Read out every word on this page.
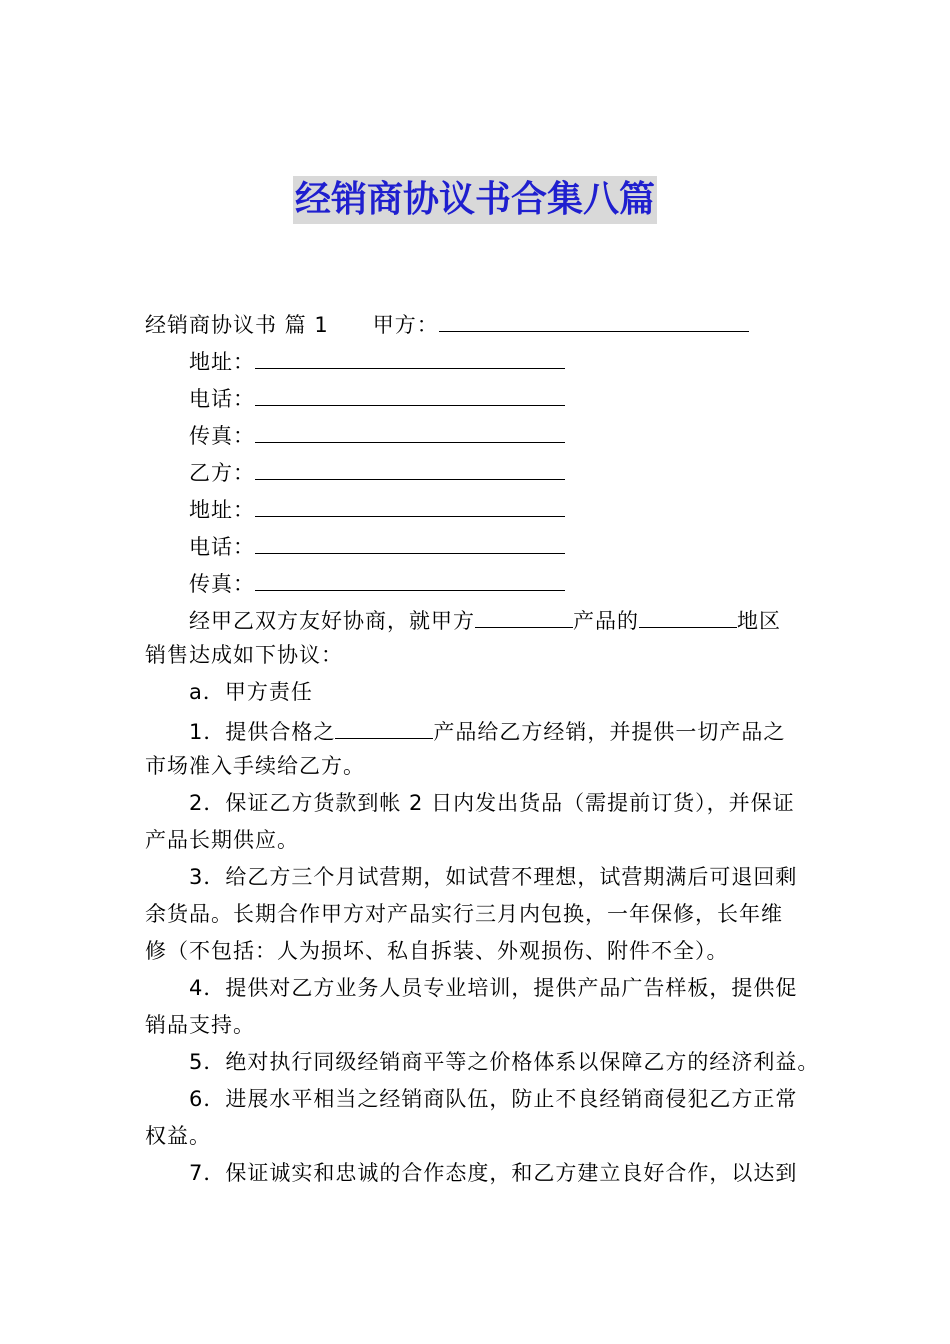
经销商协议书合集八篇
经销商协议书 篇 1 甲方：
地址：
电话：
传真：
乙方：
地址：
电话：
传真：
经甲乙双方友好协商，就甲方	产品的	地区
销售达成如下协议：
a．甲方责任
1．提供合格之	产品给乙方经销，并提供一切产品之
市场准入手续给乙方。
2．保证乙方货款到帐 2 日内发出货品（需提前订货），并保证
产品长期供应。
3．给乙方三个月试营期，如试营不理想，试营期满后可退回剩
余货品。长期合作甲方对产品实行三月内包换，一年保修，长年维
修（不包括：人为损坏、私自拆装、外观损伤、附件不全）。
4．提供对乙方业务人员专业培训，提供产品广告样板，提供促
销品支持。
5．绝对执行同级经销商平等之价格体系以保障乙方的经济利益。
6．进展水平相当之经销商队伍，防止不良经销商侵犯乙方正常
权益。
7．保证诚实和忠诚的合作态度，和乙方建立良好合作，以达到
